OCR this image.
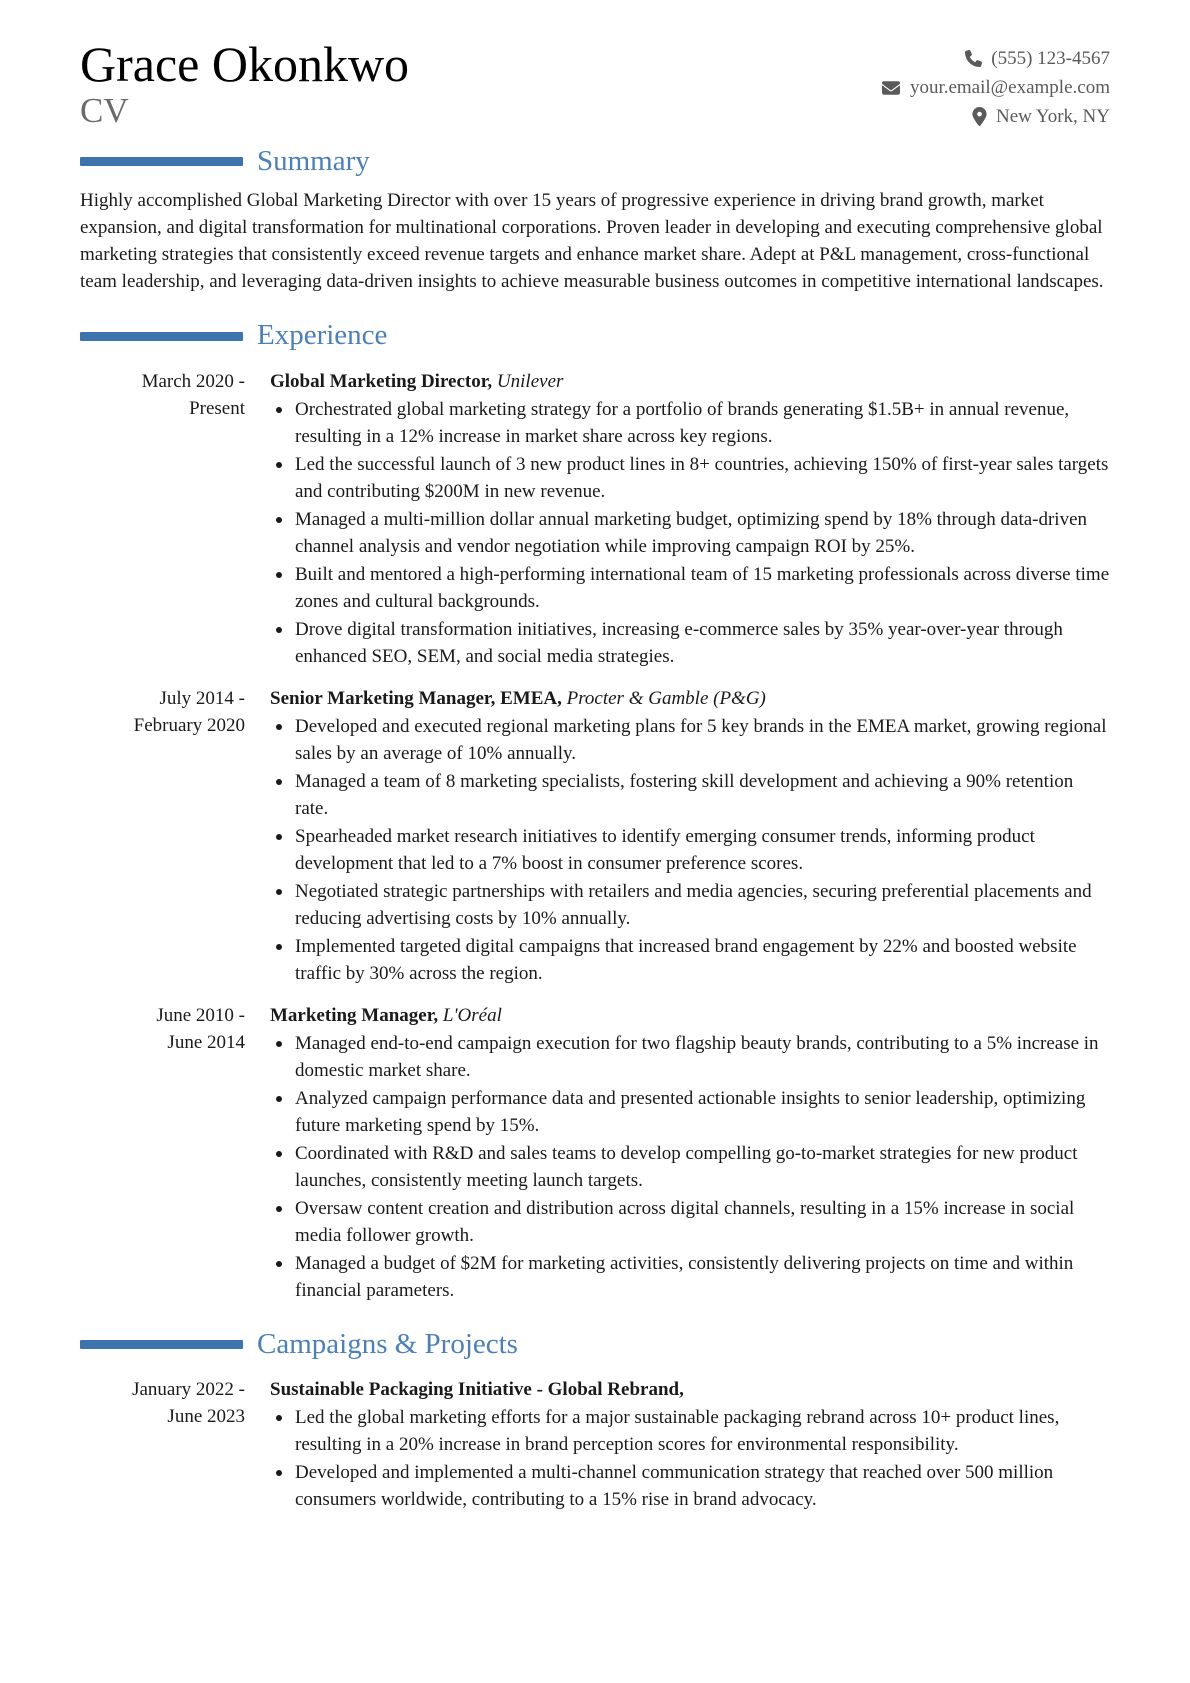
Grace Okonkwo
CV
(555) 123-4567
your.email@example.com
New York, NY
Summary

Highly accomplished Global Marketing Director with over 15 years of progressive experience in driving brand growth, market expansion, and digital transformation for multinational corporations. Proven leader in developing and executing comprehensive global marketing strategies that consistently exceed revenue targets and enhance market share. Adept at P&L management, cross-functional team leadership, and leveraging data-driven insights to achieve measurable business outcomes in competitive international landscapes.

Experience
March 2020 -
Present
Global Marketing Director, Unilever
Orchestrated global marketing strategy for a portfolio of brands generating $1.5B+ in annual revenue, resulting in a 12% increase in market share across key regions.
Led the successful launch of 3 new product lines in 8+ countries, achieving 150% of first-year sales targets and contributing $200M in new revenue.
Managed a multi-million dollar annual marketing budget, optimizing spend by 18% through data-driven channel analysis and vendor negotiation while improving campaign ROI by 25%.
Built and mentored a high-performing international team of 15 marketing professionals across diverse time zones and cultural backgrounds.
Drove digital transformation initiatives, increasing e-commerce sales by 35% year-over-year through enhanced SEO, SEM, and social media strategies.
July 2014 -
February 2020
Senior Marketing Manager, EMEA, Procter & Gamble (P&G)
Developed and executed regional marketing plans for 5 key brands in the EMEA market, growing regional sales by an average of 10% annually.
Managed a team of 8 marketing specialists, fostering skill development and achieving a 90% retention rate.
Spearheaded market research initiatives to identify emerging consumer trends, informing product development that led to a 7% boost in consumer preference scores.
Negotiated strategic partnerships with retailers and media agencies, securing preferential placements and reducing advertising costs by 10% annually.
Implemented targeted digital campaigns that increased brand engagement by 22% and boosted website traffic by 30% across the region.
June 2010 -
June 2014
Marketing Manager, L'Oréal
Managed end-to-end campaign execution for two flagship beauty brands, contributing to a 5% increase in domestic market share.
Analyzed campaign performance data and presented actionable insights to senior leadership, optimizing future marketing spend by 15%.
Coordinated with R&D and sales teams to develop compelling go-to-market strategies for new product launches, consistently meeting launch targets.
Oversaw content creation and distribution across digital channels, resulting in a 15% increase in social media follower growth.
Managed a budget of $2M for marketing activities, consistently delivering projects on time and within financial parameters.
Campaigns & Projects
January 2022 -
June 2023
Sustainable Packaging Initiative - Global Rebrand,
Led the global marketing efforts for a major sustainable packaging rebrand across 10+ product lines, resulting in a 20% increase in brand perception scores for environmental responsibility.
Developed and implemented a multi-channel communication strategy that reached over 500 million consumers worldwide, contributing to a 15% rise in brand advocacy.
